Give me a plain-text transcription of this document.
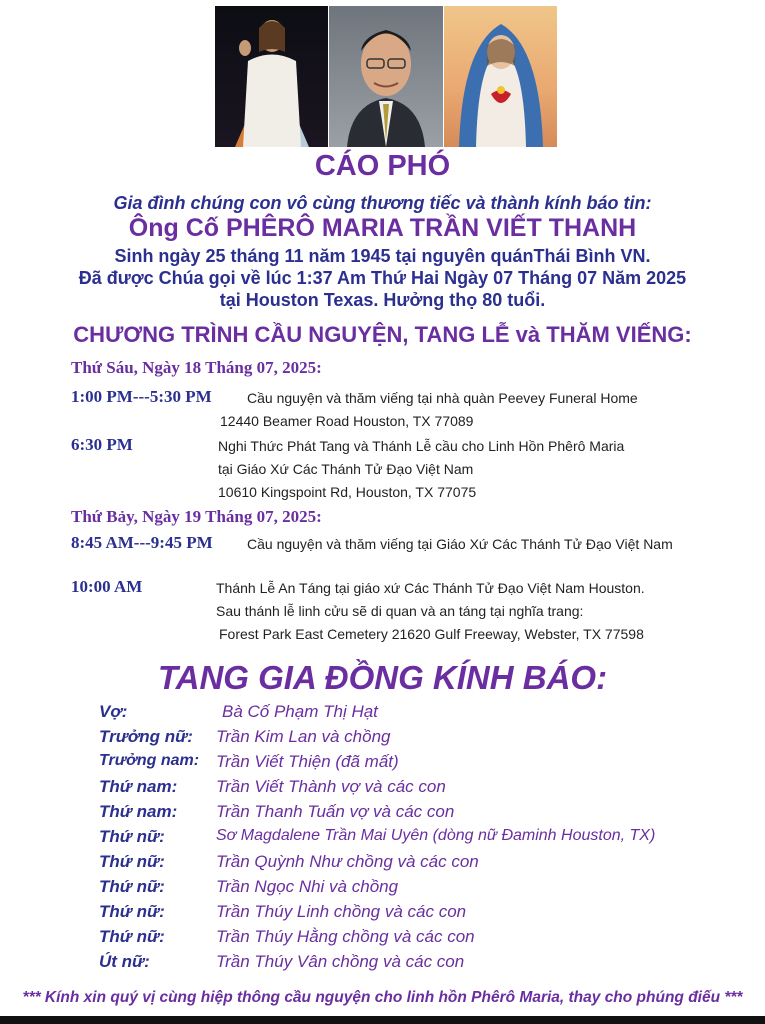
CÁO PHÓ
Gia đình chúng con vô cùng thương tiếc và thành kính báo tin:
Ông Cố PHÊRÔ MARIA TRẦN VIẾT THANH
Sinh ngày 25 tháng 11 năm 1945 tại nguyên quánThái Bình VN.
Đã được Chúa gọi về lúc 1:37 Am Thứ Hai Ngày 07 Tháng 07 Năm 2025
tại Houston Texas. Hưởng thọ 80 tuổi.
CHƯƠNG TRÌNH CẦU NGUYỆN, TANG LỄ và THĂM VIẾNG:
Thứ Sáu, Ngày 18 Tháng 07, 2025:
1:00 PM---5:30 PM	Cầu nguyện và thăm viếng tại nhà quàn Peevey Funeral Home
12440 Beamer Road Houston, TX 77089
6:30 PM	Nghi Thức Phát Tang và Thánh Lễ cầu cho Linh Hồn Phêrô Maria
tại Giáo Xứ Các Thánh Tử Đạo Việt Nam
10610 Kingspoint Rd, Houston, TX 77075
Thứ Bảy, Ngày 19 Tháng 07, 2025:
8:45 AM---9:45 PM Cầu nguyện và thăm viếng tại Giáo Xứ Các Thánh Tử Đạo Việt Nam
10:00 AM	Thánh Lễ An Táng tại giáo xứ Các Thánh Tử Đạo Việt Nam Houston.
Sau thánh lễ linh cửu sẽ di quan và an táng tại nghĩa trang:
Forest Park East Cemetery 21620 Gulf Freeway, Webster, TX 77598
TANG GIA ĐỒNG KÍNH BÁO:
Vợ:	Bà Cố Phạm Thị Hạt
Trưởng nữ: Trần Kim Lan và chồng
Trưởng nam: Trần Viết Thiện (đã mất)
Thứ nam: Trần Viết Thành vợ và các con
Thứ nam: Trần Thanh Tuấn vợ và các con
Thứ nữ:	Sơ Magdalene Trần Mai Uyên (dòng nữ Đaminh Houston, TX)
Thứ nữ:	Trần Quỳnh Như chồng và các con
Thứ nữ:	Trần Ngọc Nhi và chồng
Thứ nữ:	Trần Thúy Linh chồng và các con
Thứ nữ:	Trần Thúy Hằng chồng và các con
Út nữ:	Trần Thúy Vân chồng và các con
*** Kính xin quý vị cùng hiệp thông cầu nguyện cho linh hồn Phêrô Maria, thay cho phúng điếu ***
